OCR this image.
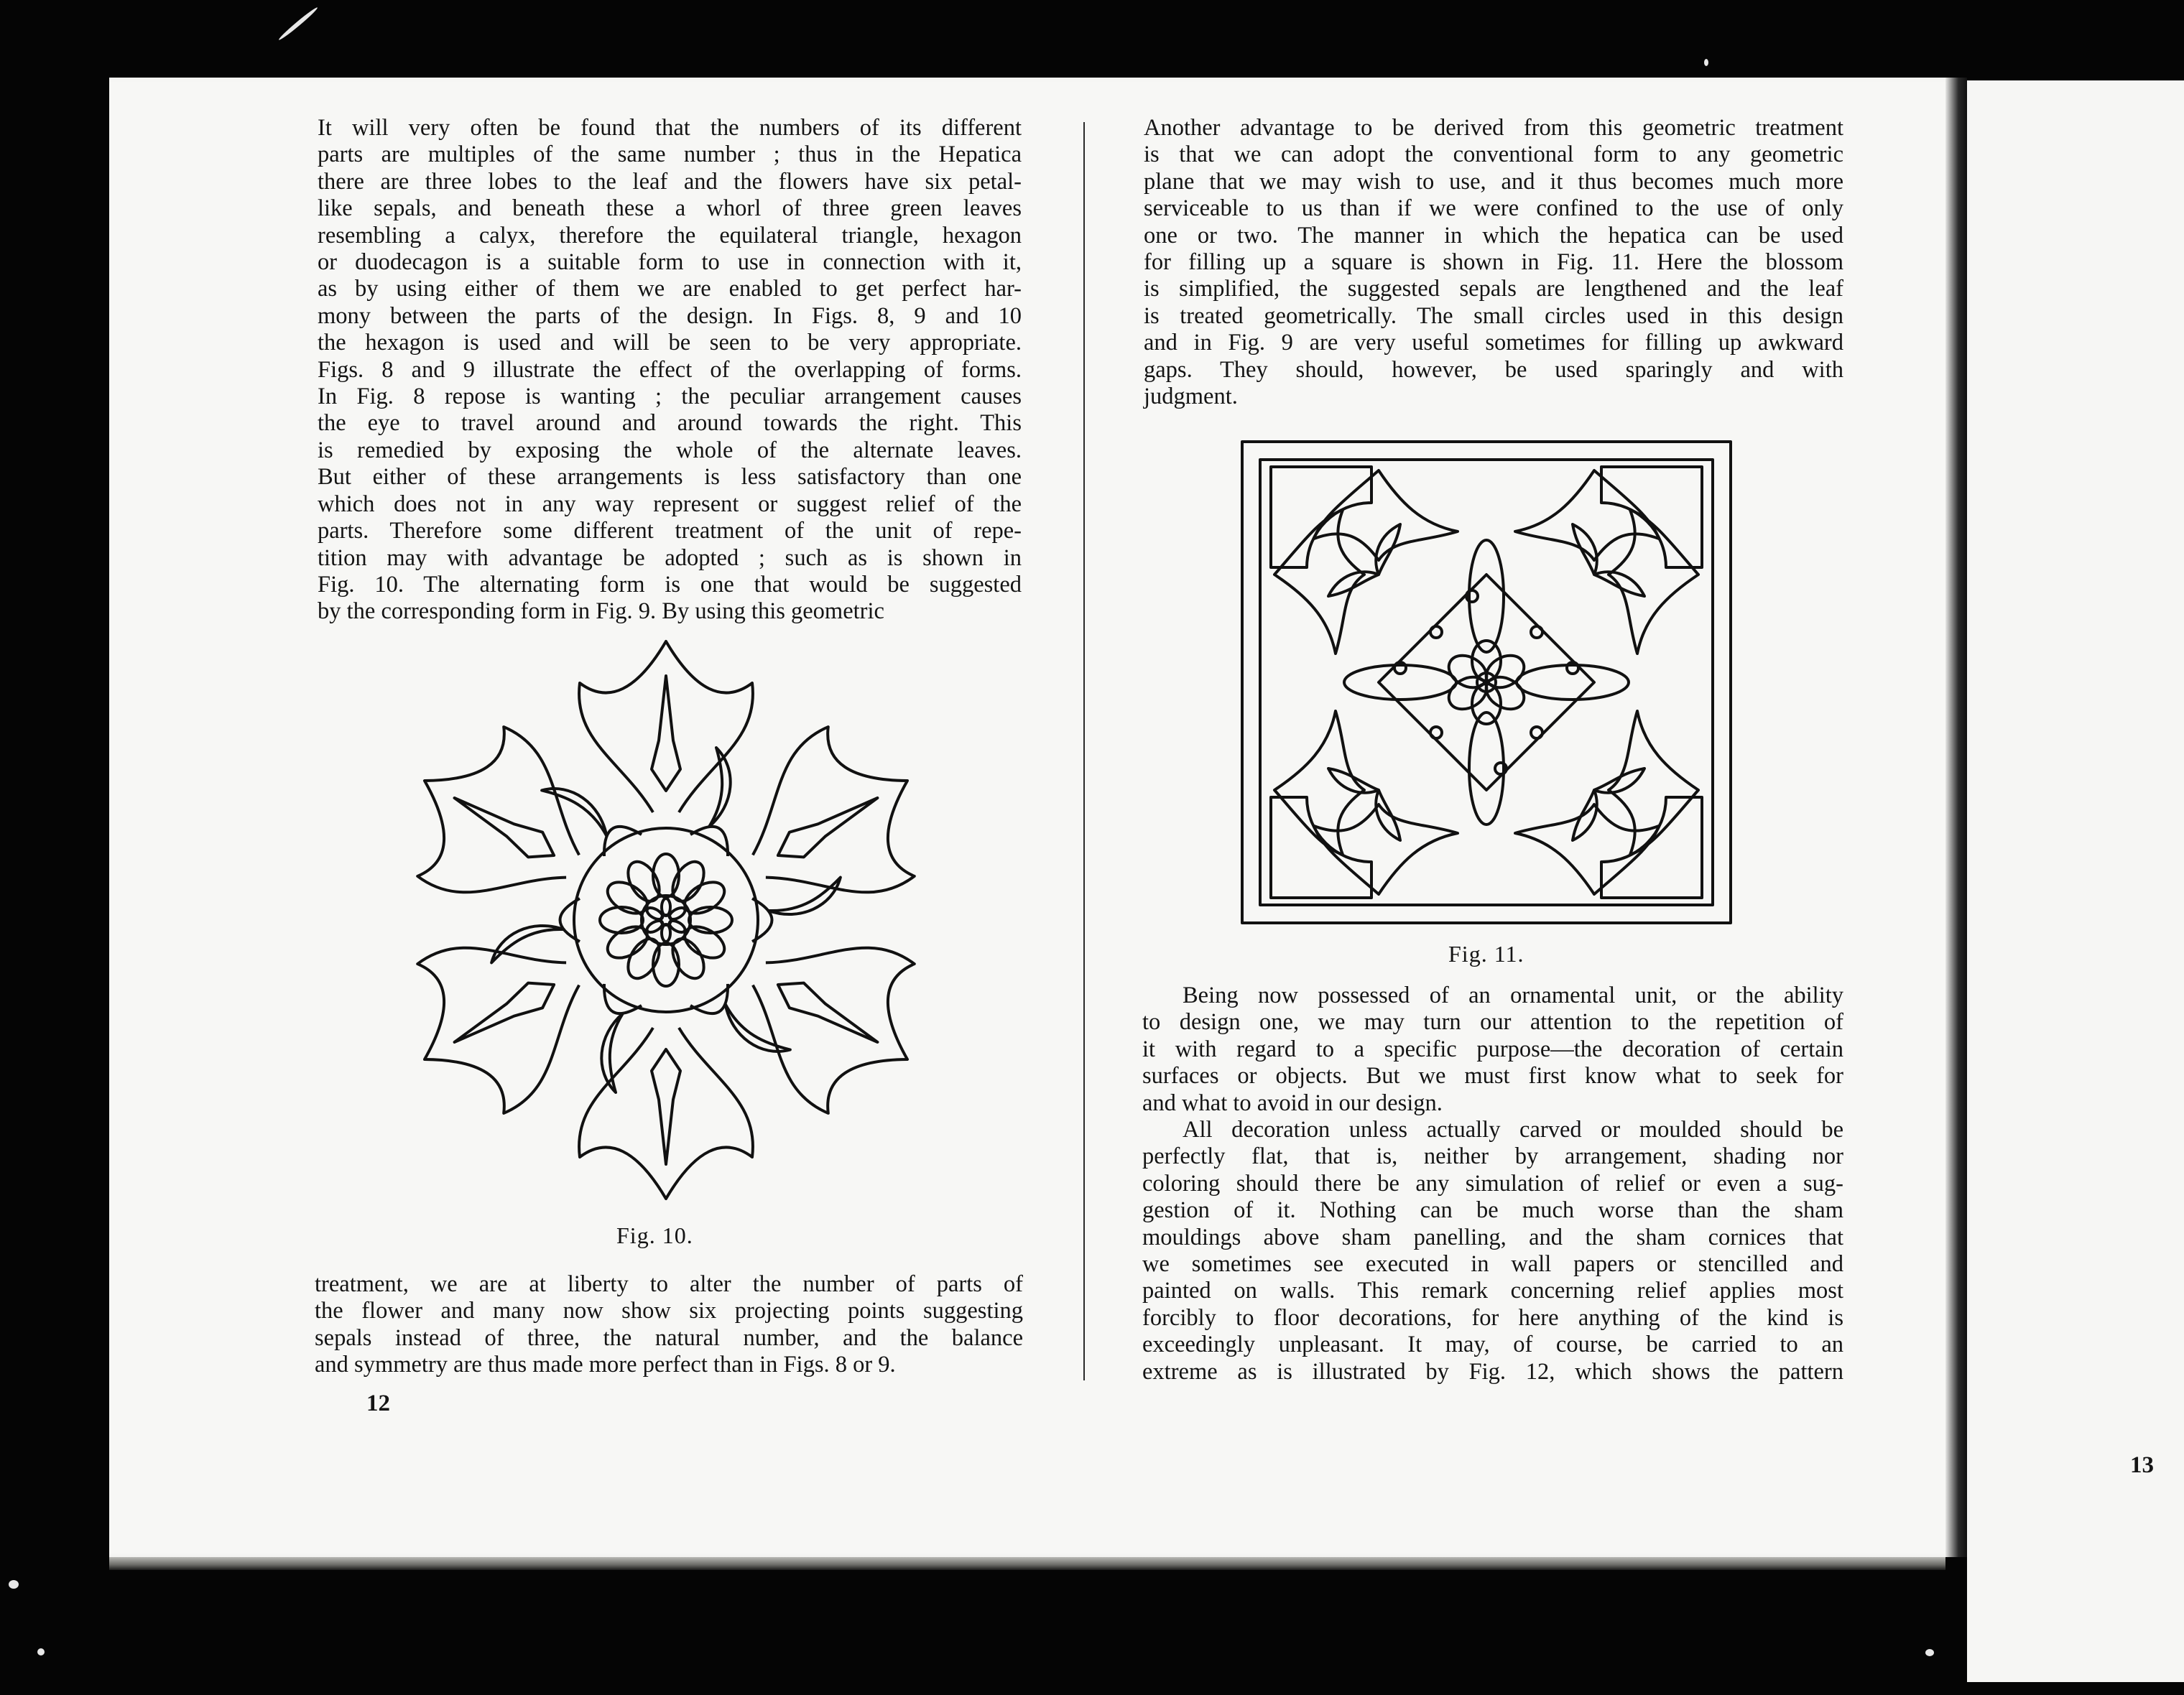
It will very often be found that the numbers of its different
parts are multiples of the same number ; thus in the Hepatica
there are three lobes to the leaf and the flowers have six petal-
like sepals, and beneath these a whorl of three green leaves
resembling a calyx, therefore the equilateral triangle, hexagon
or duodecagon is a suitable form to use in connection with it,
as by using either of them we are enabled to get perfect har-
mony between the parts of the design. In Figs. 8, 9 and 10
the hexagon is used and will be seen to be very appropriate.
Figs. 8 and 9 illustrate the effect of the overlapping of forms.
In Fig. 8 repose is wanting ; the peculiar arrangement causes
the eye to travel around and around towards the right. This
is remedied by exposing the whole of the alternate leaves.
But either of these arrangements is less satisfactory than one
which does not in any way represent or suggest relief of the
parts. Therefore some different treatment of the unit of repe-
tition may with advantage be adopted ; such as is shown in
Fig. 10. The alternating form is one that would be suggested
by the corresponding form in Fig. 9. By using this geometric
Fig. 10.
treatment, we are at liberty to alter the number of parts of
the flower and many now show six projecting points suggesting
sepals instead of three, the natural number, and the balance
and symmetry are thus made more perfect than in Figs. 8 or 9.
12
Another advantage to be derived from this geometric treatment
is that we can adopt the conventional form to any geometric
plane that we may wish to use, and it thus becomes much more
serviceable to us than if we were confined to the use of only
one or two. The manner in which the hepatica can be used
for filling up a square is shown in Fig. 11. Here the blossom
is simplified, the suggested sepals are lengthened and the leaf
is treated geometrically. The small circles used in this design
and in Fig. 9 are very useful sometimes for filling up awkward
gaps. They should, however, be used sparingly and with
judgment.
Fig. 11.
Being now possessed of an ornamental unit, or the ability
to design one, we may turn our attention to the repetition of
it with regard to a specific purpose—the decoration of certain
surfaces or objects. But we must first know what to seek for
and what to avoid in our design.
All decoration unless actually carved or moulded should be
perfectly flat, that is, neither by arrangement, shading nor
coloring should there be any simulation of relief or even a sug-
gestion of it. Nothing can be much worse than the sham
mouldings above sham panelling, and the sham cornices that
we sometimes see executed in wall papers or stencilled and
painted on walls. This remark concerning relief applies most
forcibly to floor decorations, for here anything of the kind is
exceedingly unpleasant. It may, of course, be carried to an
extreme as is illustrated by Fig. 12, which shows the pattern
13
